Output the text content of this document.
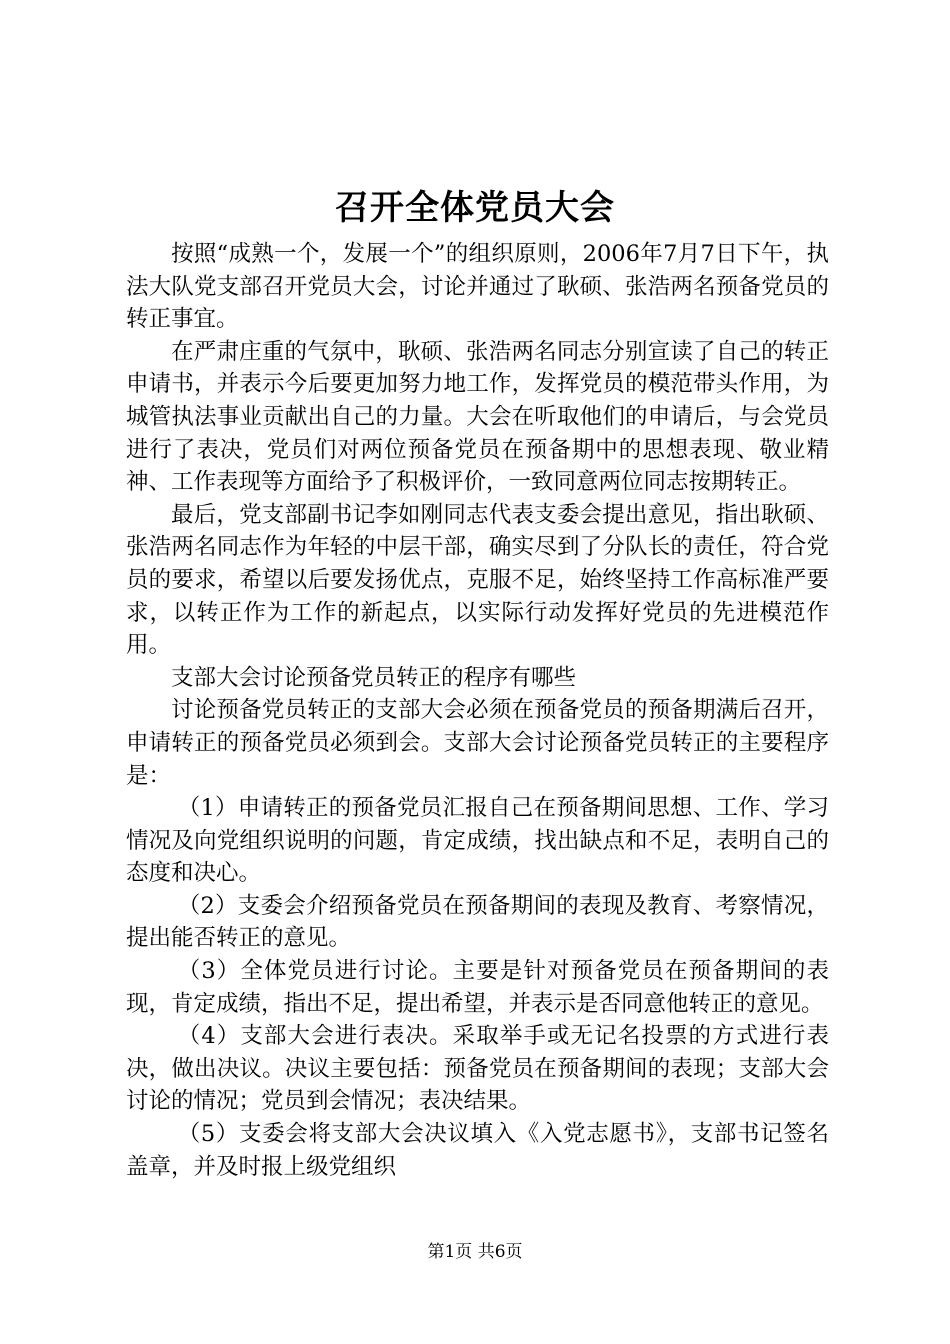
召开全体党员大会

按照“成熟一个，发展一个”的组织原则，2006年7月7日下午，执法大队党支部召开党员大会，讨论并通过了耿硕、张浩两名预备党员的转正事宜。

在严肃庄重的气氛中，耿硕、张浩两名同志分别宣读了自己的转正申请书，并表示今后要更加努力地工作，发挥党员的模范带头作用，为城管执法事业贡献出自己的力量。大会在听取他们的申请后，与会党员进行了表决，党员们对两位预备党员在预备期中的思想表现、敬业精神、工作表现等方面给予了积极评价，一致同意两位同志按期转正。

最后，党支部副书记李如刚同志代表支委会提出意见，指出耿硕、张浩两名同志作为年轻的中层干部，确实尽到了分队长的责任，符合党员的要求，希望以后要发扬优点，克服不足，始终坚持工作高标准严要求，以转正作为工作的新起点，以实际行动发挥好党员的先进模范作用。

支部大会讨论预备党员转正的程序有哪些

讨论预备党员转正的支部大会必须在预备党员的预备期满后召开，申请转正的预备党员必须到会。支部大会讨论预备党员转正的主要程序是：

（1）申请转正的预备党员汇报自己在预备期间思想、工作、学习情况及向党组织说明的问题，肯定成绩，找出缺点和不足，表明自己的态度和决心。

（2）支委会介绍预备党员在预备期间的表现及教育、考察情况，提出能否转正的意见。

（3）全体党员进行讨论。主要是针对预备党员在预备期间的表现，肯定成绩，指出不足，提出希望，并表示是否同意他转正的意见。

（4）支部大会进行表决。采取举手或无记名投票的方式进行表决，做出决议。决议主要包括：预备党员在预备期间的表现；支部大会讨论的情况；党员到会情况；表决结果。

（5）支委会将支部大会决议填入《入党志愿书》，支部书记签名盖章，并及时报上级党组织

第1页 共6页
